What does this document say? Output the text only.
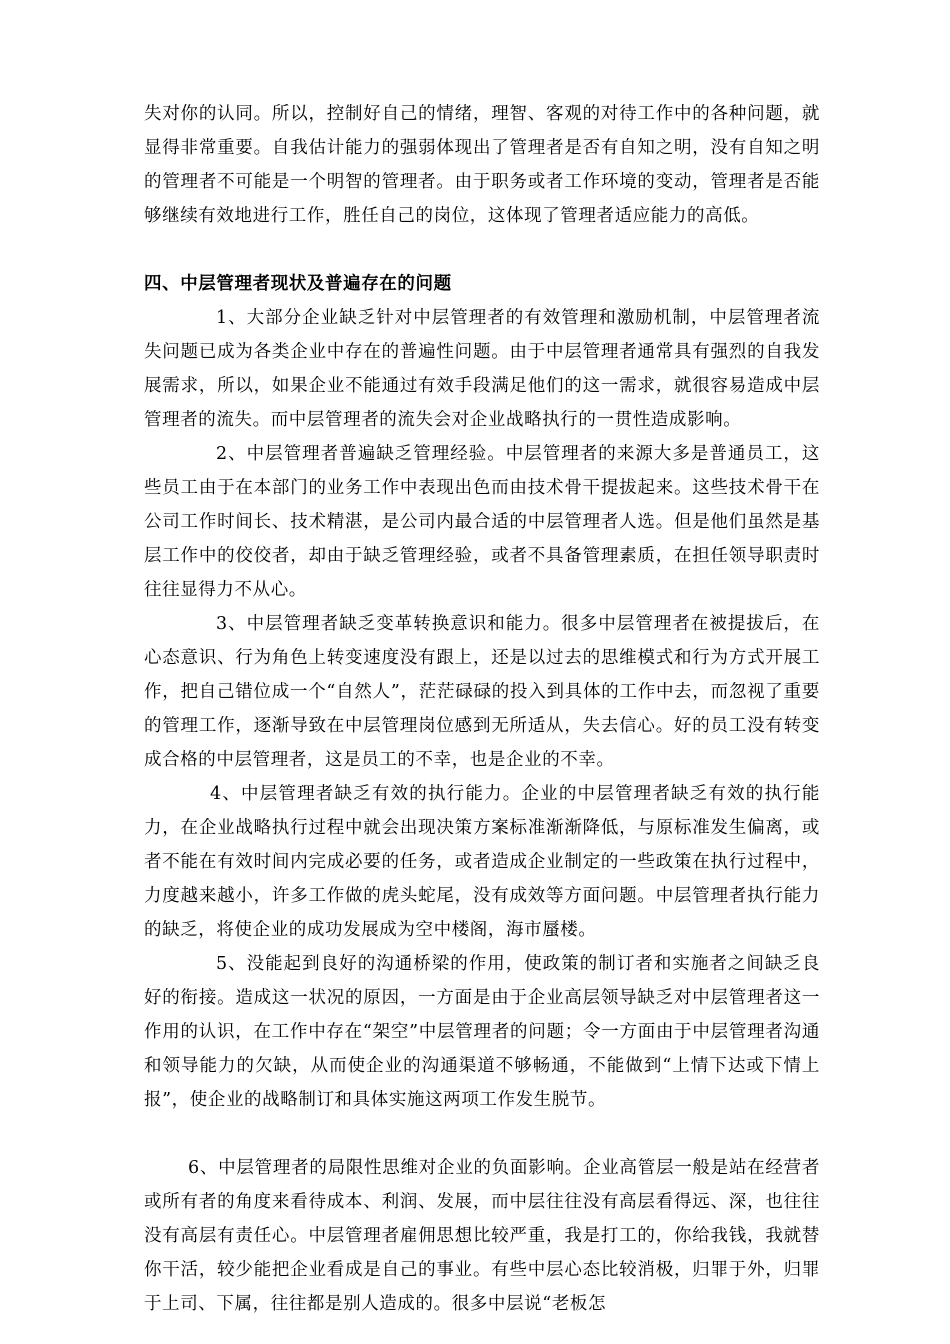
失对你的认同。所以，控制好自己的情绪，理智、客观的对待工作中的各种问题，就显得非常重要。自我估计能力的强弱体现出了管理者是否有自知之明，没有自知之明的管理者不可能是一个明智的管理者。由于职务或者工作环境的变动，管理者是否能够继续有效地进行工作，胜任自己的岗位，这体现了管理者适应能力的高低。

四、中层管理者现状及普遍存在的问题

1、大部分企业缺乏针对中层管理者的有效管理和激励机制，中层管理者流失问题已成为各类企业中存在的普遍性问题。由于中层管理者通常具有强烈的自我发展需求，所以，如果企业不能通过有效手段满足他们的这一需求，就很容易造成中层管理者的流失。而中层管理者的流失会对企业战略执行的一贯性造成影响。

2、中层管理者普遍缺乏管理经验。中层管理者的来源大多是普通员工，这些员工由于在本部门的业务工作中表现出色而由技术骨干提拔起来。这些技术骨干在公司工作时间长、技术精湛，是公司内最合适的中层管理者人选。但是他们虽然是基层工作中的佼佼者，却由于缺乏管理经验，或者不具备管理素质，在担任领导职责时往往显得力不从心。

3、中层管理者缺乏变革转换意识和能力。很多中层管理者在被提拔后，在心态意识、行为角色上转变速度没有跟上，还是以过去的思维模式和行为方式开展工作，把自己错位成一个“自然人”，茫茫碌碌的投入到具体的工作中去，而忽视了重要的管理工作，逐渐导致在中层管理岗位感到无所适从，失去信心。好的员工没有转变成合格的中层管理者，这是员工的不幸，也是企业的不幸。

4、中层管理者缺乏有效的执行能力。企业的中层管理者缺乏有效的执行能力，在企业战略执行过程中就会出现决策方案标准渐渐降低，与原标准发生偏离，或者不能在有效时间内完成必要的任务，或者造成企业制定的一些政策在执行过程中，力度越来越小，许多工作做的虎头蛇尾，没有成效等方面问题。中层管理者执行能力的缺乏，将使企业的成功发展成为空中楼阁，海市蜃楼。

5、没能起到良好的沟通桥梁的作用，使政策的制订者和实施者之间缺乏良好的衔接。造成这一状况的原因，一方面是由于企业高层领导缺乏对中层管理者这一作用的认识，在工作中存在“架空”中层管理者的问题；令一方面由于中层管理者沟通和领导能力的欠缺，从而使企业的沟通渠道不够畅通，不能做到“上情下达或下情上报”，使企业的战略制订和具体实施这两项工作发生脱节。

6、中层管理者的局限性思维对企业的负面影响。企业高管层一般是站在经营者或所有者的角度来看待成本、利润、发展，而中层往往没有高层看得远、深，也往往没有高层有责任心。中层管理者雇佣思想比较严重，我是打工的，你给我钱，我就替你干活，较少能把企业看成是自己的事业。有些中层心态比较消极，归罪于外，归罪于上司、下属，往往都是别人造成的。很多中层说“老板怎
